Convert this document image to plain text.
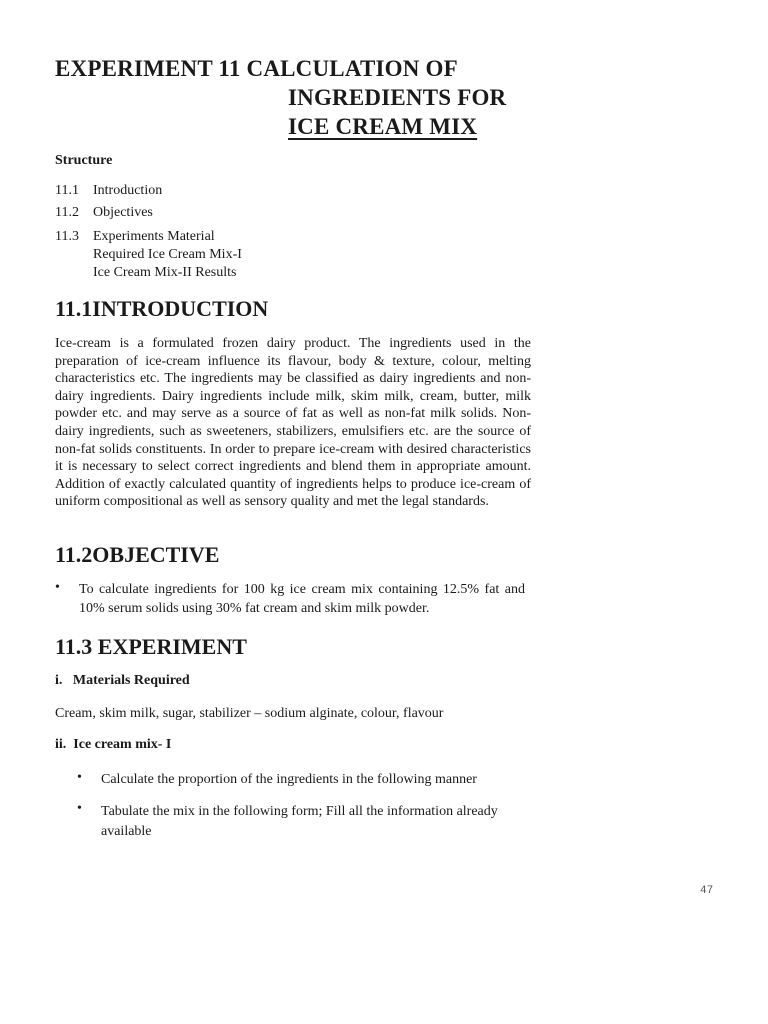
EXPERIMENT 11 CALCULATION OF
INGREDIENTS FOR
ICE CREAM MIX
Structure
11.1 Introduction
11.2 Objectives
11.3 Experiments Material
Required Ice Cream Mix-I
Ice Cream Mix-II Results
11.1INTRODUCTION
Ice-cream is a formulated frozen dairy product. The ingredients used in the preparation of ice-cream influence its flavour, body & texture, colour, melting characteristics etc. The ingredients may be classified as dairy ingredients and non-dairy ingredients. Dairy ingredients include milk, skim milk, cream, butter, milk powder etc. and may serve as a source of fat as well as non-fat milk solids. Non-dairy ingredients, such as sweeteners, stabilizers, emulsifiers etc. are the source of non-fat solids constituents. In order to prepare ice-cream with desired characteristics it is necessary to select correct ingredients and blend them in appropriate amount. Addition of exactly calculated quantity of ingredients helps to produce ice-cream of uniform compositional as well as sensory quality and met the legal standards.
11.2OBJECTIVE
• To calculate ingredients for 100 kg ice cream mix containing 12.5% fat and 10% serum solids using 30% fat cream and skim milk powder.
11.3 EXPERIMENT
i.   Materials Required
Cream, skim milk, sugar, stabilizer – sodium alginate, colour, flavour
ii.  Ice cream mix- I
• Calculate the proportion of the ingredients in the following manner
• Tabulate the mix in the following form; Fill all the information already available
47
